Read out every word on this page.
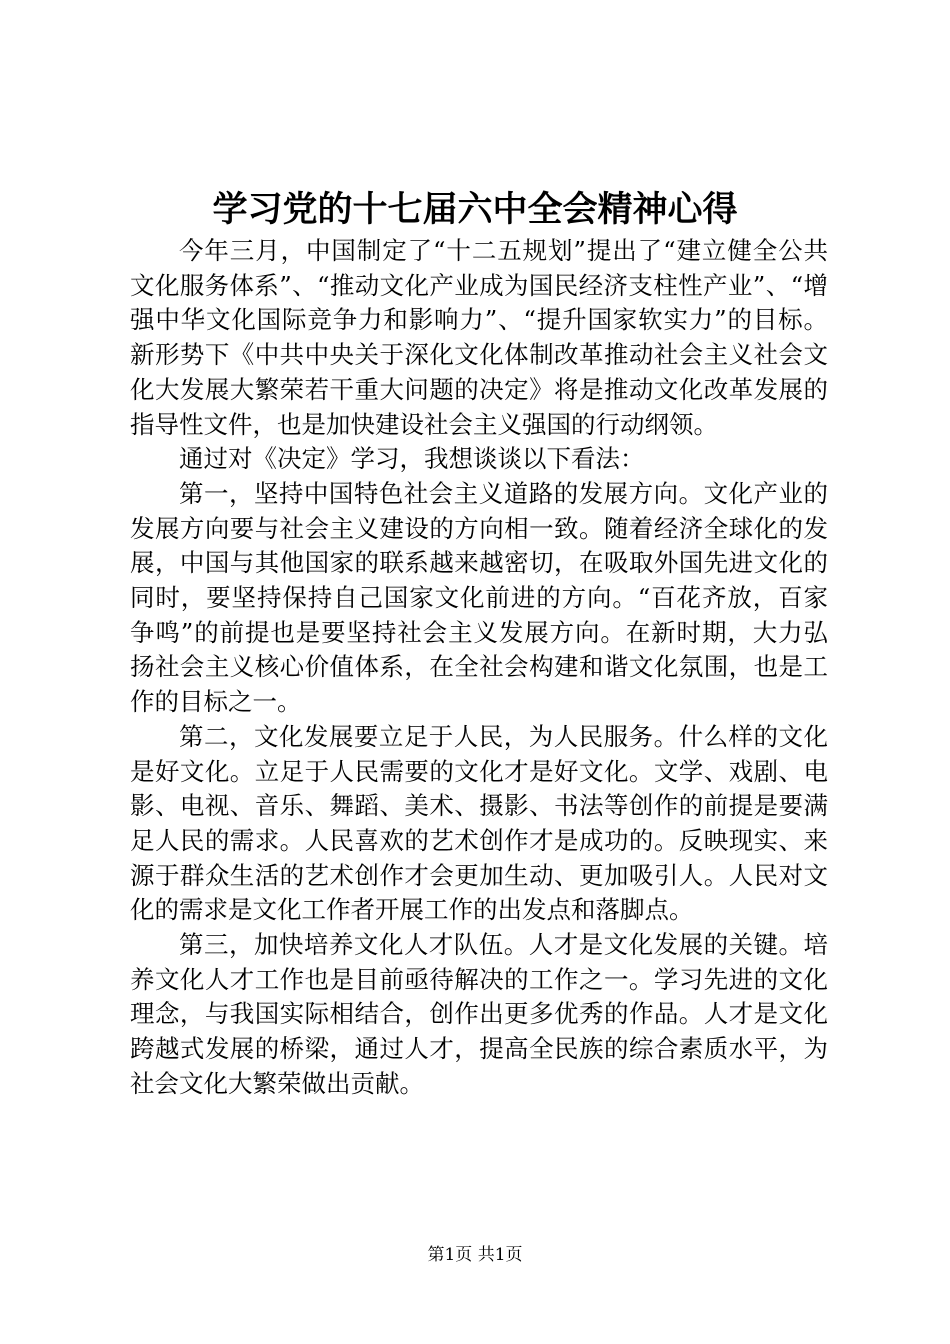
学习党的十七届六中全会精神心得

今年三月，中国制定了“十二五规划”提出了“建立健全公共文化服务体系”、“推动文化产业成为国民经济支柱性产业”、“增强中华文化国际竞争力和影响力”、“提升国家软实力”的目标。新形势下《中共中央关于深化文化体制改革推动社会主义社会文化大发展大繁荣若干重大问题的决定》将是推动文化改革发展的指导性文件，也是加快建设社会主义强国的行动纲领。

通过对《决定》学习，我想谈谈以下看法：

第一，坚持中国特色社会主义道路的发展方向。文化产业的发展方向要与社会主义建设的方向相一致。随着经济全球化的发展，中国与其他国家的联系越来越密切，在吸取外国先进文化的同时，要坚持保持自己国家文化前进的方向。“百花齐放，百家争鸣”的前提也是要坚持社会主义发展方向。在新时期，大力弘扬社会主义核心价值体系，在全社会构建和谐文化氛围，也是工作的目标之一。

第二，文化发展要立足于人民，为人民服务。什么样的文化是好文化。立足于人民需要的文化才是好文化。文学、戏剧、电影、电视、音乐、舞蹈、美术、摄影、书法等创作的前提是要满足人民的需求。人民喜欢的艺术创作才是成功的。反映现实、来源于群众生活的艺术创作才会更加生动、更加吸引人。人民对文化的需求是文化工作者开展工作的出发点和落脚点。

第三，加快培养文化人才队伍。人才是文化发展的关键。培养文化人才工作也是目前亟待解决的工作之一。学习先进的文化理念，与我国实际相结合，创作出更多优秀的作品。人才是文化跨越式发展的桥梁，通过人才，提高全民族的综合素质水平，为社会文化大繁荣做出贡献。

第1页 共1页
